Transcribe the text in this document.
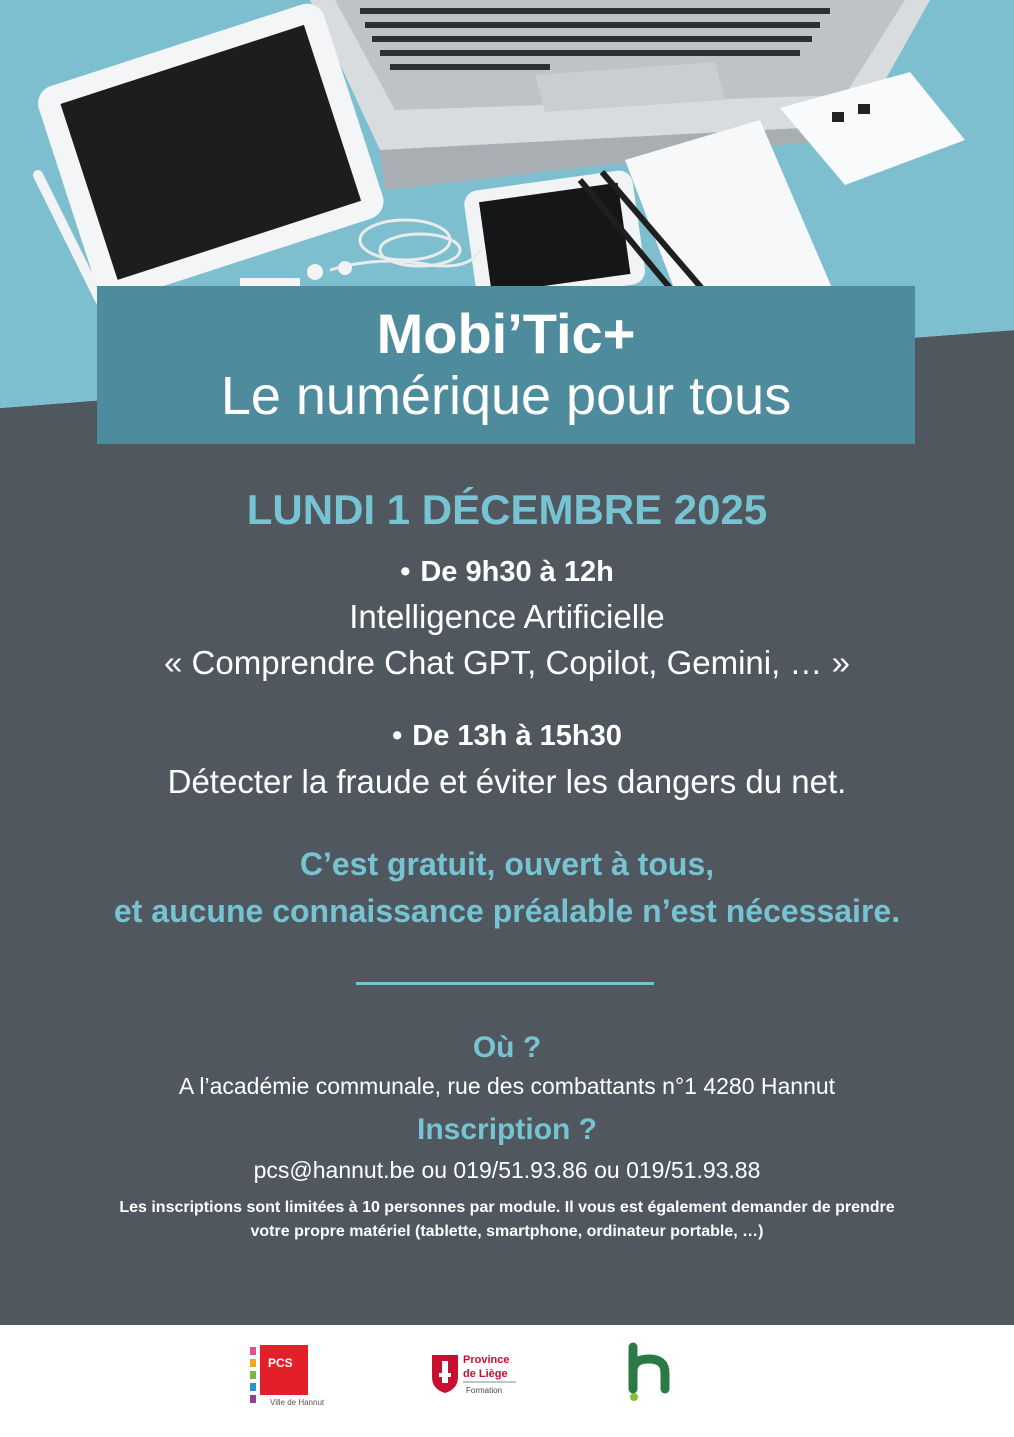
Mobi’Tic+
Le numérique pour tous
LUNDI 1 DÉCEMBRE 2025
• De 9h30 à 12h
Intelligence Artificielle
« Comprendre Chat GPT, Copilot, Gemini, … »
• De 13h à 15h30
Détecter la fraude et éviter les dangers du net.
C’est gratuit, ouvert à tous,
et aucune connaissance préalable n’est nécessaire.
Où ?
A l’académie communale, rue des combattants n°1 4280 Hannut
Inscription ?
pcs@hannut.be ou 019/51.93.86 ou 019/51.93.88
Les inscriptions sont limitées à 10 personnes par module. Il vous est également demander de prendre
votre propre matériel (tablette, smartphone, ordinateur portable, …)
PCS
Ville de Hannut
Province
de Liège
Formation
